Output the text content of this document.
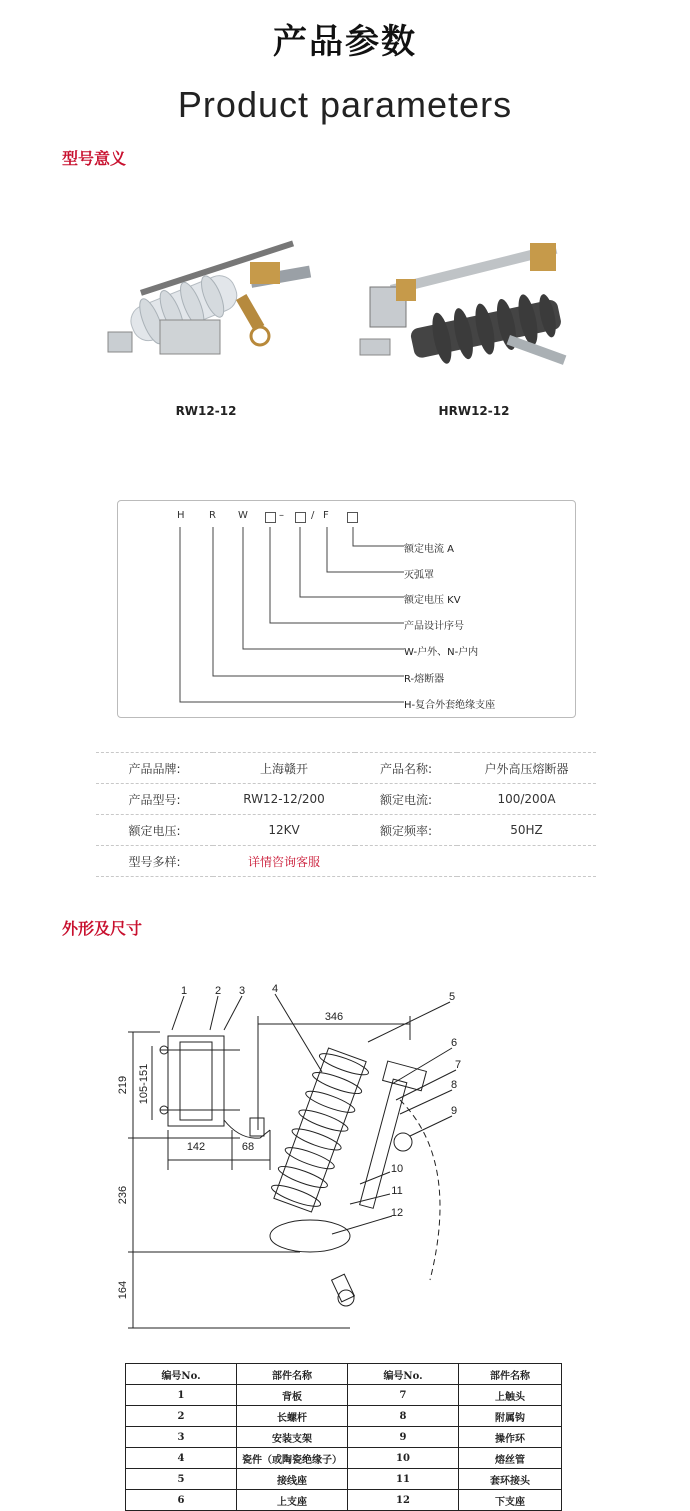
产品参数
Product parameters
型号意义
RW12-12	HRW12-12
H R W	–	/ F
额定电流 A
灭弧罩
额定电压 KV
产品设计序号
W-户外、N-户内
R-熔断器
H-复合外套绝缘支座
产品品牌:	上海赣开	产品名称:	户外高压熔断器
产品型号:	RW12-12/200	额定电流:	100/200A
额定电压:	12KV	额定频率:	50HZ
型号多样:	详情咨询客服		
外形及尺寸
1	2 3 4
5
6
7
8
9
10
11
12
346
142	68
219 105-151
236
164
编号No.	部件名称	编号No.	部件名称
1	背板	7	上触头
2	长螺杆	8	附属钩
3	安装支架	9	操作环
4	瓷件（或陶瓷绝缘子）	10	熔丝管
5	接线座	11	套环接头
6	上支座	12	下支座
